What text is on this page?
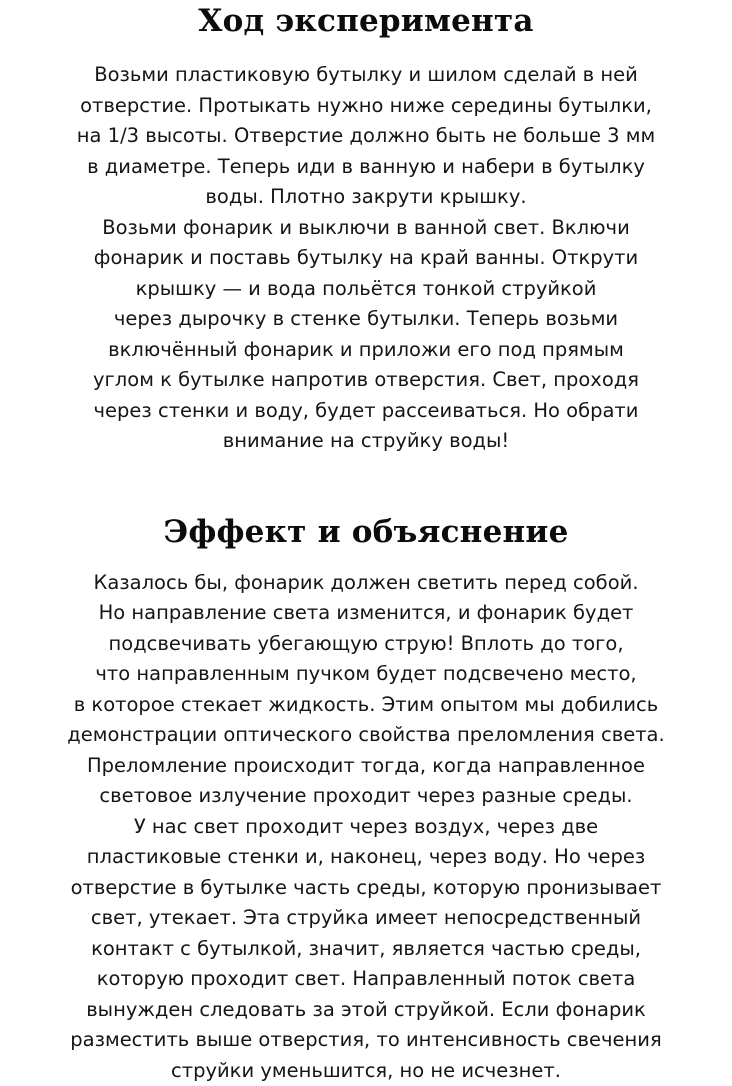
Ход эксперимента
Возьми пластиковую бутылку и шилом сделай в ней
отверстие. Протыкать нужно ниже середины бутылки,
на 1/3 высоты. Отверстие должно быть не больше 3 мм
в диаметре. Теперь иди в ванную и набери в бутылку
воды. Плотно закрути крышку.
Возьми фонарик и выключи в ванной свет. Включи
фонарик и поставь бутылку на край ванны. Открути
крышку — и вода польётся тонкой струйкой
через дырочку в стенке бутылки. Теперь возьми
включённый фонарик и приложи его под прямым
углом к бутылке напротив отверстия. Свет, проходя
через стенки и воду, будет рассеиваться. Но обрати
внимание на струйку воды!
Эффект и объяснение
Казалось бы, фонарик должен светить перед собой.
Но направление света изменится, и фонарик будет
подсвечивать убегающую струю! Вплоть до того,
что направленным пучком будет подсвечено место,
в которое стекает жидкость. Этим опытом мы добились
демонстрации оптического свойства преломления света.
Преломление происходит тогда, когда направленное
световое излучение проходит через разные среды.
У нас свет проходит через воздух, через две
пластиковые стенки и, наконец, через воду. Но через
отверстие в бутылке часть среды, которую пронизывает
свет, утекает. Эта струйка имеет непосредственный
контакт с бутылкой, значит, является частью среды,
которую проходит свет. Направленный поток света
вынужден следовать за этой струйкой. Если фонарик
разместить выше отверстия, то интенсивность свечения
струйки уменьшится, но не исчезнет.
